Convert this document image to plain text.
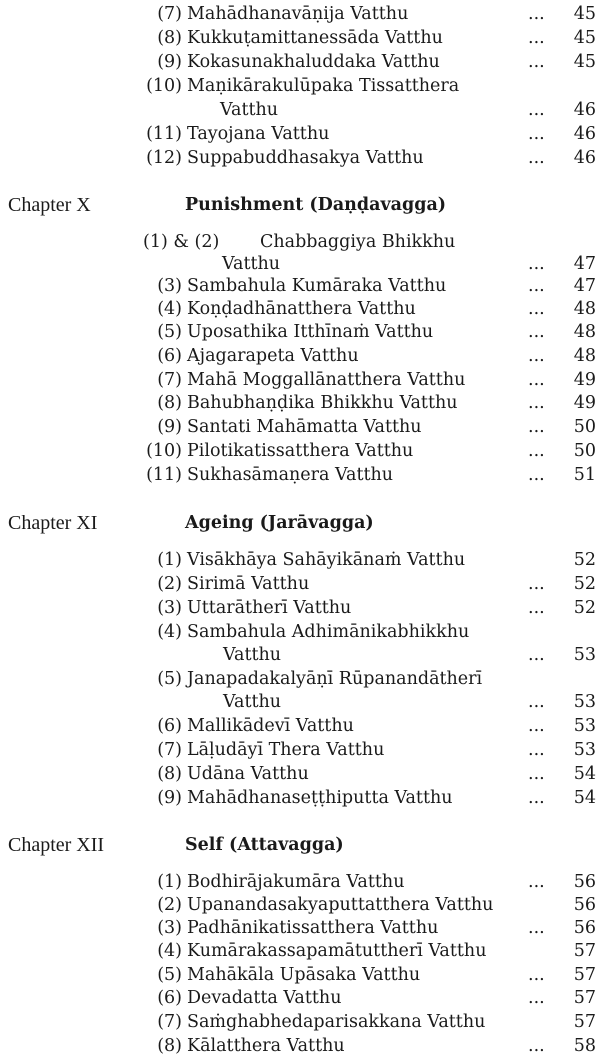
(7) Mahādhanavāṇija Vatthu	...	45
(8) Kukkuṭamittanessāda Vatthu	...	45
(9) Kokasunakhaluddaka Vatthu	...	45
(10) Maṇikārakulūpaka Tissatthera
Vatthu	...	46
(11) Tayojana Vatthu	...	46
(12) Suppabuddhasakya Vatthu	...	46
Chapter X	Punishment (Daṇḍavagga)
(1) & (2) Chabbaggiya Bhikkhu
Vatthu	...	47
(3) Sambahula Kumāraka Vatthu	...	47
(4) Koṇḍadhānatthera Vatthu	...	48
(5) Uposathika Itthīnaṁ Vatthu	...	48
(6) Ajagarapeta Vatthu	...	48
(7) Mahā Moggallānatthera Vatthu	...	49
(8) Bahubhaṇḍika Bhikkhu Vatthu	...	49
(9) Santati Mahāmatta Vatthu	...	50
(10) Pilotikatissatthera Vatthu	...	50
(11) Sukhasāmaṇera Vatthu	...	51
Chapter XI	Ageing (Jarāvagga)
(1) Visākhāya Sahāyikānaṁ Vatthu	52
(2) Sirimā Vatthu	...	52
(3) Uttarātherī Vatthu	...	52
(4) Sambahula Adhimānikabhikkhu
Vatthu	...	53
(5) Janapadakalyāṇī Rūpanandātherī
Vatthu	...	53
(6) Mallikādevī Vatthu	...	53
(7) Lāḷudāyī Thera Vatthu	...	53
(8) Udāna Vatthu	...	54
(9) Mahādhanaseṭṭhiputta Vatthu	...	54
Chapter XII	Self (Attavagga)
(1) Bodhirājakumāra Vatthu	...	56
(2) Upanandasakyaputtatthera Vatthu	56
(3) Padhānikatissatthera Vatthu	...	56
(4) Kumārakassapamātuttherī Vatthu	57
(5) Mahākāla Upāsaka Vatthu	...	57
(6) Devadatta Vatthu	...	57
(7) Saṁghabhedaparisakkana Vatthu	57
(8) Kālatthera Vatthu	...	58
